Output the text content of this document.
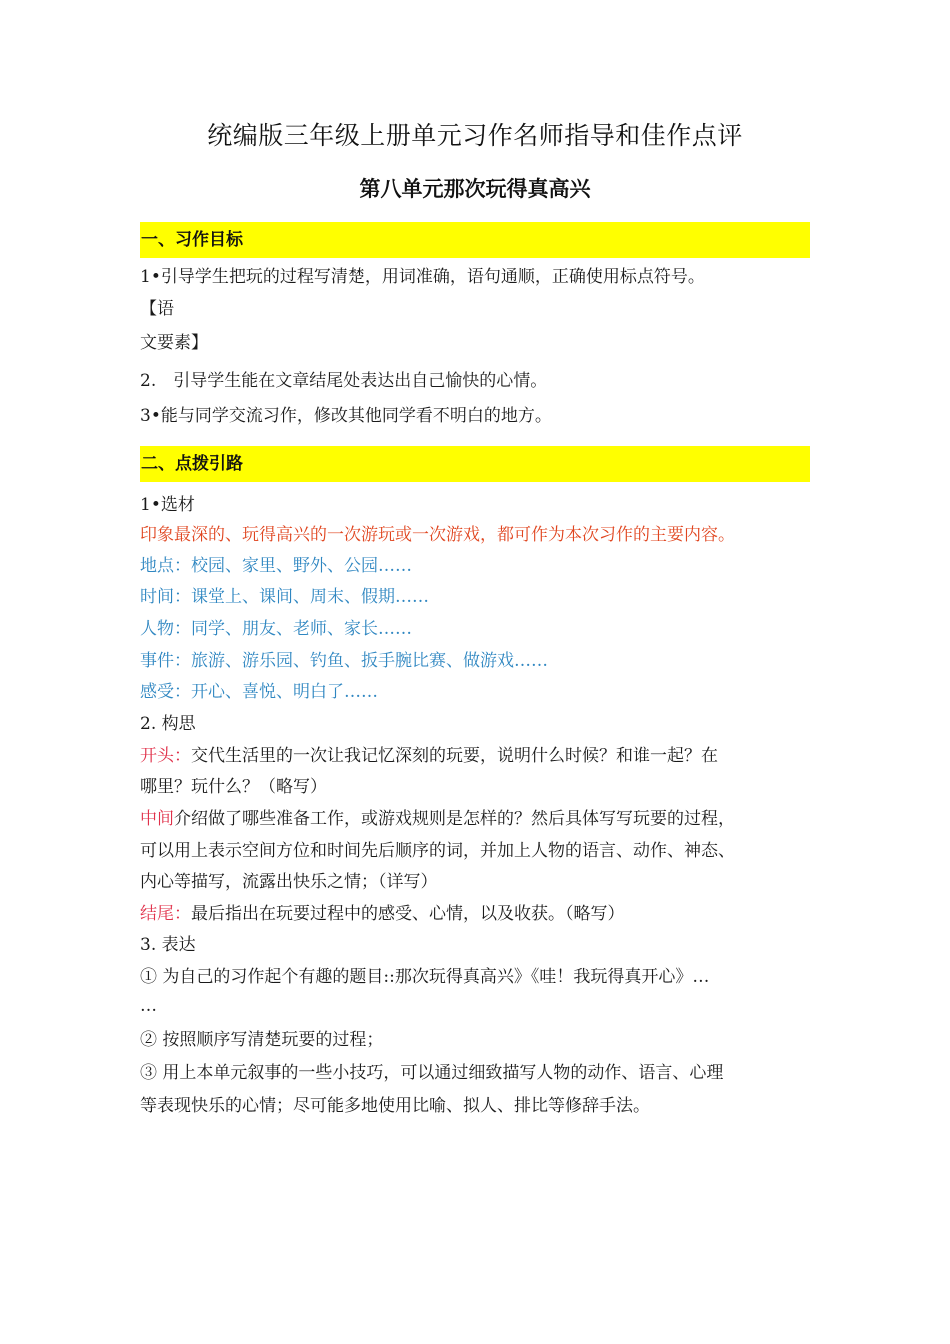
统编版三年级上册单元习作名师指导和佳作点评
第八单元那次玩得真高兴
一、习作目标
1•引导学生把玩的过程写清楚，用词准确，语句通顺，正确使用标点符号。
【语
文要素】
2.　引导学生能在文章结尾处表达出自己愉快的心情。
3•能与同学交流习作，修改其他同学看不明白的地方。
二、点拨引路
1•选材
印象最深的、玩得高兴的一次游玩或一次游戏，都可作为本次习作的主要内容。
地点：校园、家里、野外、公园……
时间：课堂上、课间、周末、假期……
人物：同学、朋友、老师、家长……
事件：旅游、游乐园、钓鱼、扳手腕比赛、做游戏……
感受：开心、喜悦、明白了……
2. 构思
开头：交代生活里的一次让我记忆深刻的玩要，说明什么时候？和谁一起？在
哪里？玩什么？（略写）
中间介绍做了哪些准备工作，或游戏规则是怎样的？然后具体写写玩要的过程，
可以用上表示空间方位和时间先后顺序的词，并加上人物的语言、动作、神态、
内心等描写，流露出快乐之情；（详写）
结尾：最后指出在玩要过程中的感受、心情，以及收获。（略写）
3. 表达
① 为自己的习作起个有趣的题目::那次玩得真高兴》《哇！我玩得真开心》…
…
② 按照顺序写清楚玩要的过程；
③ 用上本单元叙事的一些小技巧，可以通过细致描写人物的动作、语言、心理
等表现快乐的心情；尽可能多地使用比喻、拟人、排比等修辞手法。
